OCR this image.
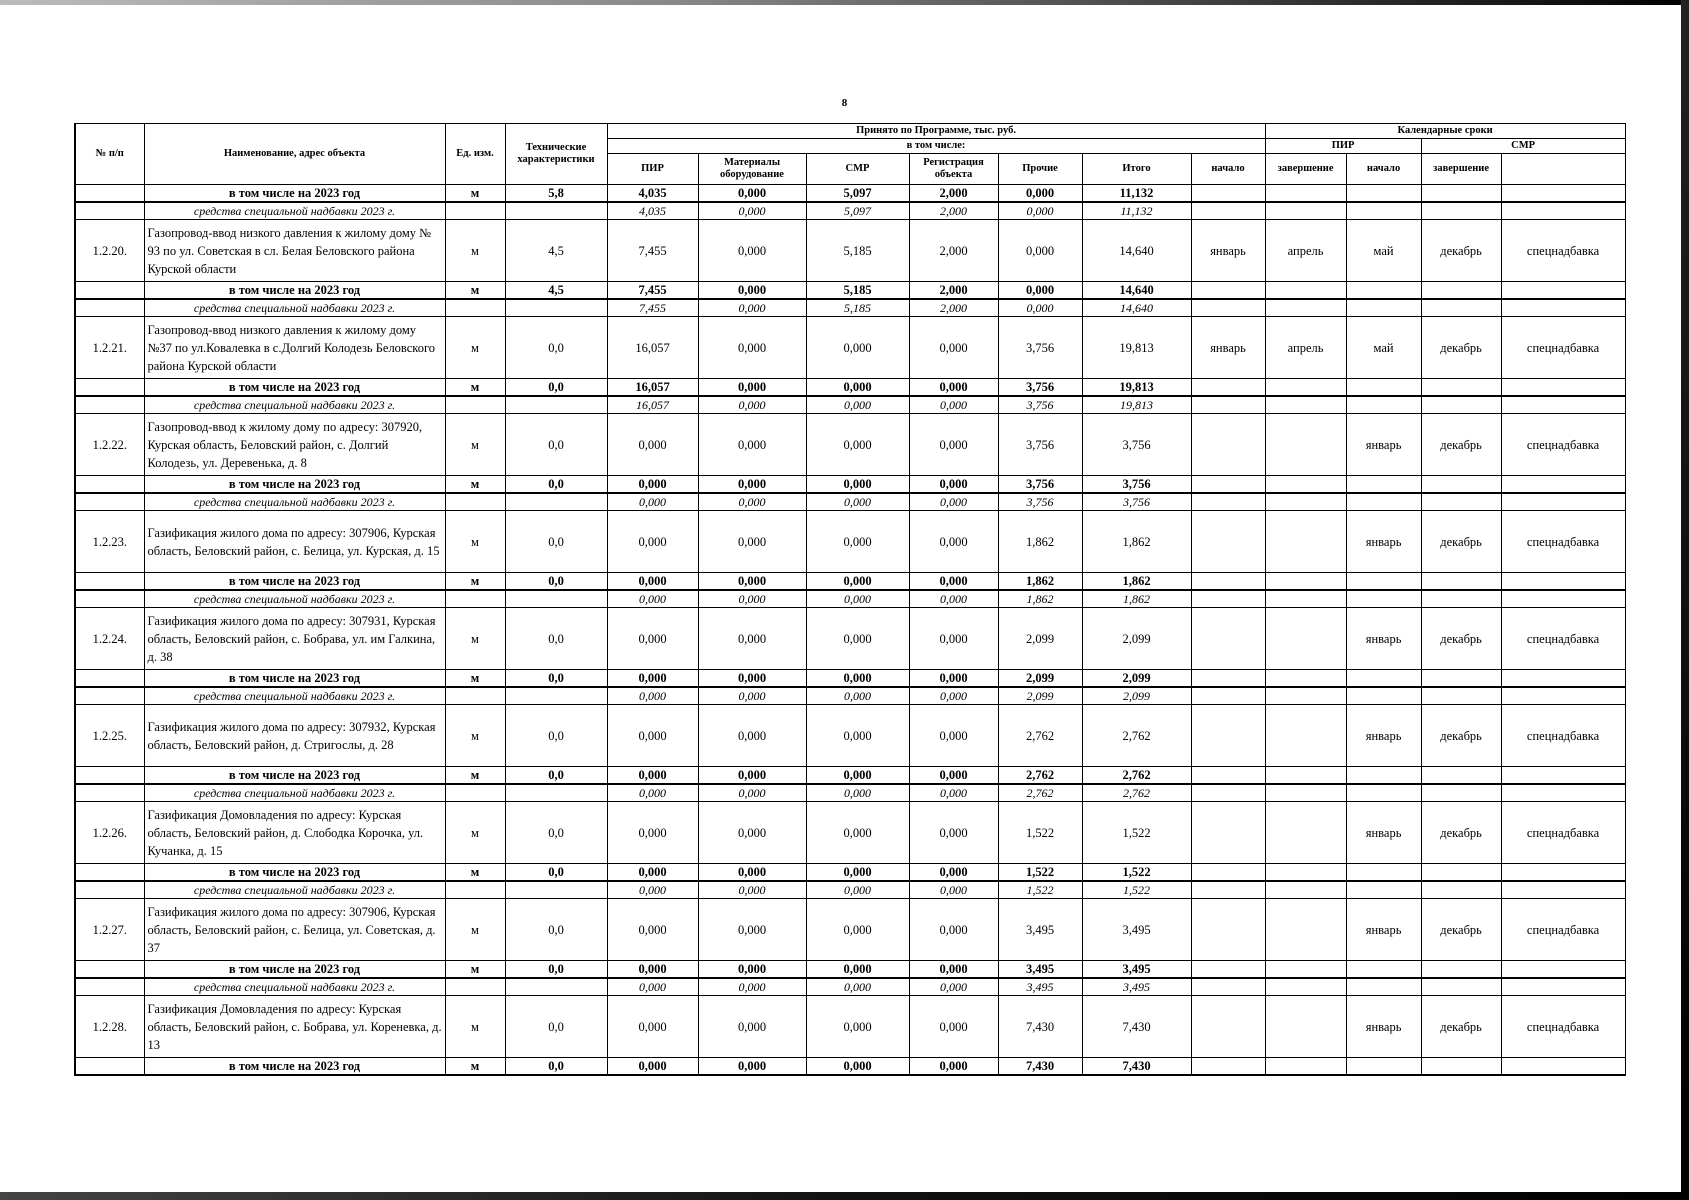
8
№ п/п	Наименование, адрес объекта	Ед. изм.	Технические характеристики	Принято по Программе, тыс. руб.							Календарные сроки	
				в том числе:							ПИР		СМР		
				ПИР	Материалы оборудование	СМР	Регистрация объекта	Прочие	Итого	начало	завершение	начало	завершение		
	в том числе на 2023 год	м	5,8	4,035	0,000	5,097	2,000	0,000	11,132						
	средства специальной надбавки 2023 г.			4,035	0,000	5,097	2,000	0,000	11,132						
1.2.20.	Газопровод-ввод низкого давления к жилому дому № 93 по ул. Советская в сл. Белая Беловского района Курской области	м	4,5	7,455	0,000	5,185	2,000	0,000	14,640	январь	апрель	май	декабрь	спецнадбавка	
	в том числе на 2023 год	м	4,5	7,455	0,000	5,185	2,000	0,000	14,640						
	средства специальной надбавки 2023 г.			7,455	0,000	5,185	2,000	0,000	14,640						
1.2.21.	Газопровод-ввод низкого давления к жилому дому №37 по ул.Ковалевка в с.Долгий Колодезь Беловского района Курской области	м	0,0	16,057	0,000	0,000	0,000	3,756	19,813	январь	апрель	май	декабрь	спецнадбавка	
	в том числе на 2023 год	м	0,0	16,057	0,000	0,000	0,000	3,756	19,813						
	средства специальной надбавки 2023 г.			16,057	0,000	0,000	0,000	3,756	19,813						
1.2.22.	Газопровод-ввод к жилому дому по адресу: 307920, Курская область, Беловский район, с. Долгий Колодезь, ул. Деревенька, д. 8	м	0,0	0,000	0,000	0,000	0,000	3,756	3,756			январь	декабрь	спецнадбавка	
	в том числе на 2023 год	м	0,0	0,000	0,000	0,000	0,000	3,756	3,756						
	средства специальной надбавки 2023 г.			0,000	0,000	0,000	0,000	3,756	3,756						
1.2.23.	Газификация жилого дома по адресу: 307906, Курская область, Беловский район, с. Белица, ул. Курская, д. 15	м	0,0	0,000	0,000	0,000	0,000	1,862	1,862			январь	декабрь	спецнадбавка	
	в том числе на 2023 год	м	0,0	0,000	0,000	0,000	0,000	1,862	1,862						
	средства специальной надбавки 2023 г.			0,000	0,000	0,000	0,000	1,862	1,862						
1.2.24.	Газификация жилого дома по адресу: 307931, Курская область, Беловский район, с. Бобрава, ул. им Галкина, д. 38	м	0,0	0,000	0,000	0,000	0,000	2,099	2,099			январь	декабрь	спецнадбавка	
	в том числе на 2023 год	м	0,0	0,000	0,000	0,000	0,000	2,099	2,099						
	средства специальной надбавки 2023 г.			0,000	0,000	0,000	0,000	2,099	2,099						
1.2.25.	Газификация жилого дома по адресу: 307932, Курская область, Беловский район, д. Стригослы, д. 28	м	0,0	0,000	0,000	0,000	0,000	2,762	2,762			январь	декабрь	спецнадбавка	
	в том числе на 2023 год	м	0,0	0,000	0,000	0,000	0,000	2,762	2,762						
	средства специальной надбавки 2023 г.			0,000	0,000	0,000	0,000	2,762	2,762						
1.2.26.	Газификация Домовладения по адресу: Курская область, Беловский район, д. Слободка Корочка, ул. Кучанка, д. 15	м	0,0	0,000	0,000	0,000	0,000	1,522	1,522			январь	декабрь	спецнадбавка	
	в том числе на 2023 год	м	0,0	0,000	0,000	0,000	0,000	1,522	1,522						
	средства специальной надбавки 2023 г.			0,000	0,000	0,000	0,000	1,522	1,522						
1.2.27.	Газификация жилого дома по адресу: 307906, Курская область, Беловский район, с. Белица, ул. Советская, д. 37	м	0,0	0,000	0,000	0,000	0,000	3,495	3,495			январь	декабрь	спецнадбавка	
	в том числе на 2023 год	м	0,0	0,000	0,000	0,000	0,000	3,495	3,495						
	средства специальной надбавки 2023 г.			0,000	0,000	0,000	0,000	3,495	3,495						
1.2.28.	Газификация Домовладения по адресу: Курская область, Беловский район, с. Бобрава, ул. Кореневка, д. 13	м	0,0	0,000	0,000	0,000	0,000	7,430	7,430			январь	декабрь	спецнадбавка	
	в том числе на 2023 год	м	0,0	0,000	0,000	0,000	0,000	7,430	7,430						
